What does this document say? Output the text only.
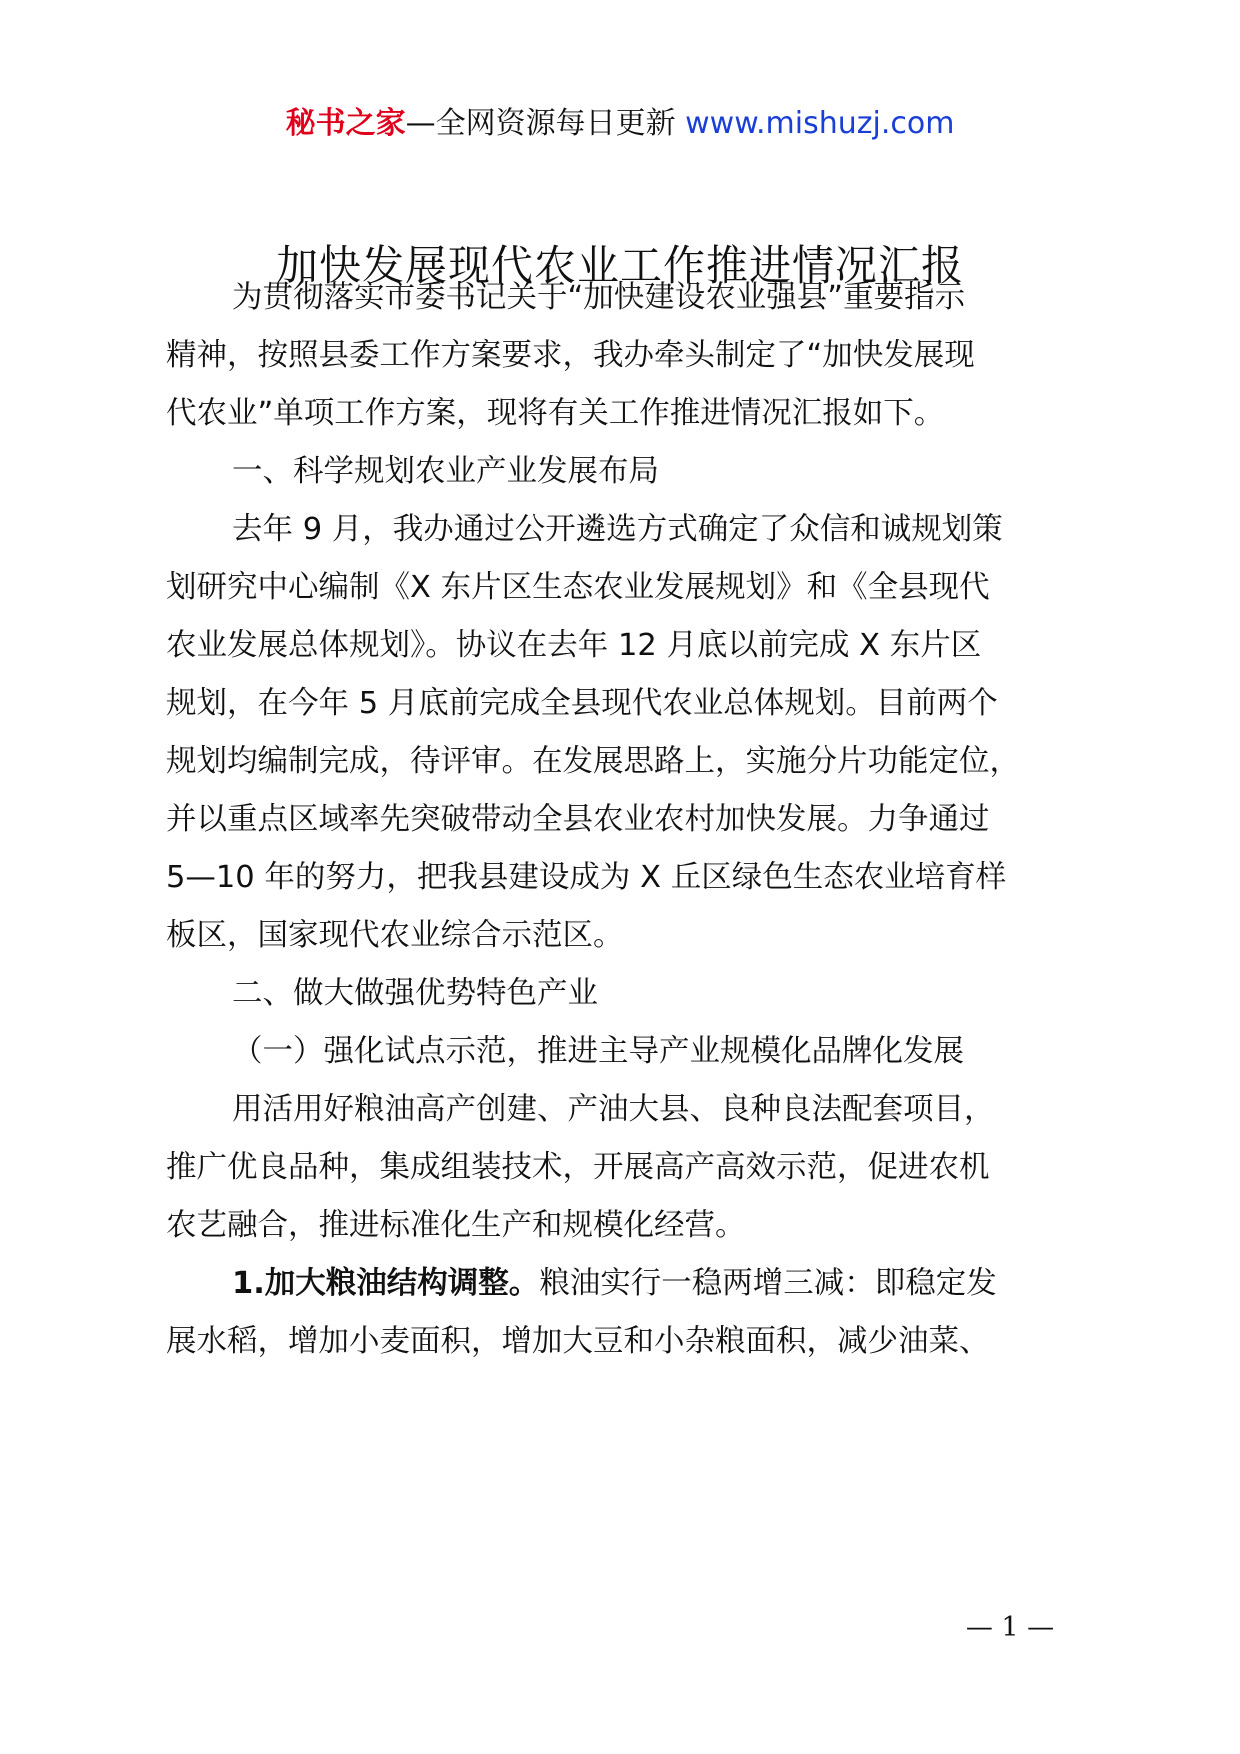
秘书之家—全网资源每日更新 www.mishuzj.com
加快发展现代农业工作推进情况汇报
为贯彻落实市委书记关于“加快建设农业强县”重要指示
精神，按照县委工作方案要求，我办牵头制定了“加快发展现
代农业”单项工作方案，现将有关工作推进情况汇报如下。
一、科学规划农业产业发展布局
去年 9 月，我办通过公开遴选方式确定了众信和诚规划策
划研究中心编制《X 东片区生态农业发展规划》和《全县现代
农业发展总体规划》。协议在去年 12 月底以前完成 X 东片区
规划，在今年 5 月底前完成全县现代农业总体规划。目前两个
规划均编制完成，待评审。在发展思路上，实施分片功能定位，
并以重点区域率先突破带动全县农业农村加快发展。力争通过
5—10 年的努力，把我县建设成为 X 丘区绿色生态农业培育样
板区，国家现代农业综合示范区。
二、做大做强优势特色产业
（一）强化试点示范，推进主导产业规模化品牌化发展
用活用好粮油高产创建、产油大县、良种良法配套项目，
推广优良品种，集成组装技术，开展高产高效示范，促进农机
农艺融合，推进标准化生产和规模化经营。
1.加大粮油结构调整。粮油实行一稳两增三减：即稳定发
展水稻，增加小麦面积，增加大豆和小杂粮面积，减少油菜、
— 1 —
